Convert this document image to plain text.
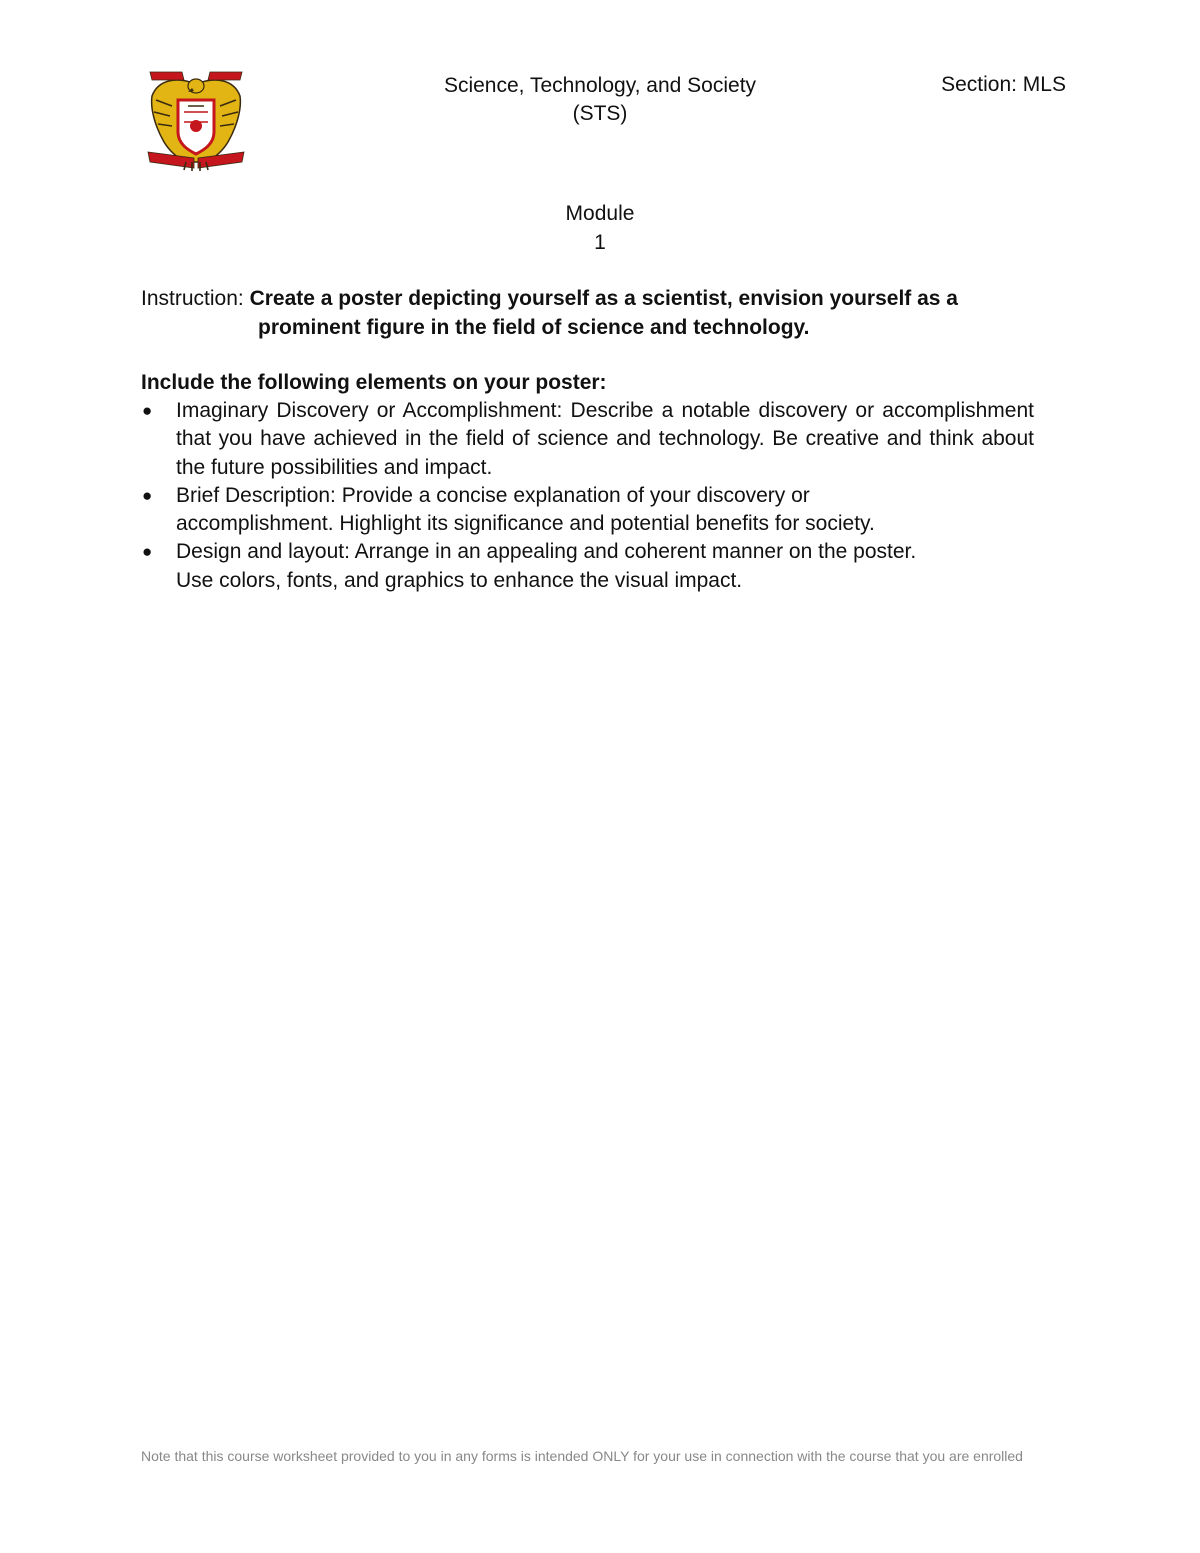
Science, Technology, and Society
(STS)
Section: MLS
Module
1
Instruction: Create a poster depicting yourself as a scientist, envision yourself as a
prominent figure in the field of science and technology.
Include the following elements on your poster:
● Imaginary Discovery or Accomplishment: Describe a notable discovery or accomplishment that you have achieved in the field of science and technology. Be creative and think about the future possibilities and impact.
● Brief Description: Provide a concise explanation of your discovery or
accomplishment. Highlight its significance and potential benefits for society.
● Design and layout: Arrange in an appealing and coherent manner on the poster.
Use colors, fonts, and graphics to enhance the visual impact.
Note that this course worksheet provided to you in any forms is intended ONLY for your use in connection with the course that you are enrolled
